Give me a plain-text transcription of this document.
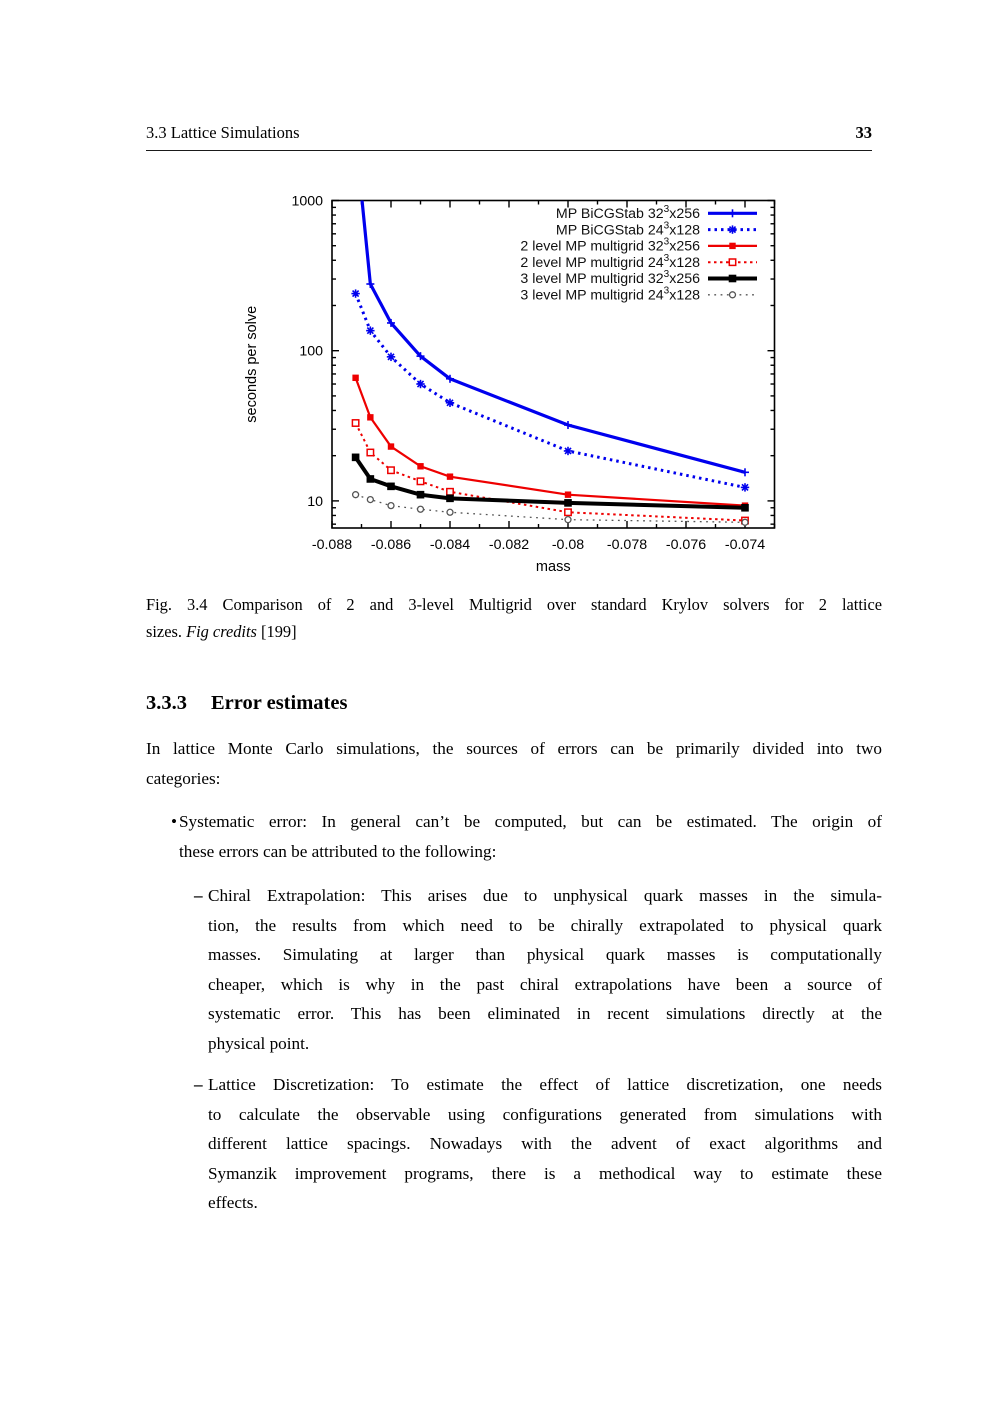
3.3 Lattice Simulations	33
-0.088 -0.086 -0.084 -0.082 -0.08 -0.078 -0.076 -0.074
10
100
1000
mass
seconds per solve
MP BiCGStab $32^3x256$
MP BiCGStab $24^3x128$
2 level MP multigrid $32^3x256$
2 level MP multigrid $24^3x128$
3 level MP multigrid $32^3x256$
3 level MP multigrid $24^3x128$
Fig. 3.4 Comparison of 2 and 3-level Multigrid over standard Krylov solvers for 2 lattice
sizes. Fig credits [199]
3.3.3 Error estimates
In lattice Monte Carlo simulations, the sources of errors can be primarily divided into two
categories:
• Systematic error: In general can’t be computed, but can be estimated. The origin of
these errors can be attributed to the following:
– Chiral Extrapolation: This arises due to unphysical quark masses in the simula-
tion, the results from which need to be chirally extrapolated to physical quark
masses. Simulating at larger than physical quark masses is computationally
cheaper, which is why in the past chiral extrapolations have been a source of
systematic error. This has been eliminated in recent simulations directly at the
physical point.
– Lattice Discretization: To estimate the effect of lattice discretization, one needs
to calculate the observable using configurations generated from simulations with
different lattice spacings. Nowadays with the advent of exact algorithms and
Symanzik improvement programs, there is a methodical way to estimate these
effects.
